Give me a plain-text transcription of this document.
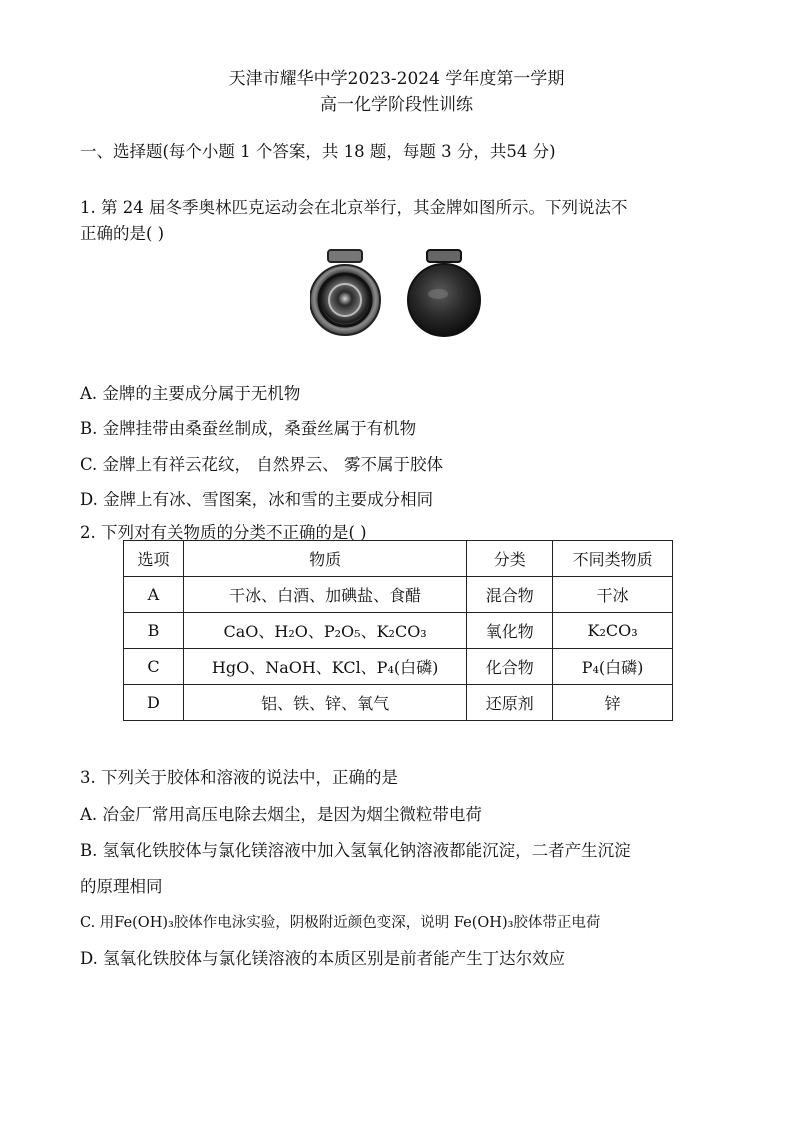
天津市耀华中学2023-2024 学年度第一学期
高一化学阶段性训练
一、选择题(每个小题 1 个答案，共 18 题，每题 3 分，共54 分)
1. 第 24 届冬季奥林匹克运动会在北京举行，其金牌如图所示。下列说法不
正确的是( )
A. 金牌的主要成分属于无机物
B. 金牌挂带由桑蚕丝制成，桑蚕丝属于有机物
C. 金牌上有祥云花纹， 自然界云、 雾不属于胶体
D. 金牌上有冰、雪图案，冰和雪的主要成分相同
2. 下列对有关物质的分类不正确的是( )
选项	物质	分类	不同类物质
A	干冰、白酒、加碘盐、食醋	混合物	干冰
B	CaO、H₂O、P₂O₅、K₂CO₃	氧化物	K₂CO₃
C	HgO、NaOH、KCl、P₄(白磷)	化合物	P₄(白磷)
D	铝、铁、锌、氧气	还原剂	锌
3. 下列关于胶体和溶液的说法中，正确的是
A. 冶金厂常用高压电除去烟尘，是因为烟尘微粒带电荷
B. 氢氧化铁胶体与氯化镁溶液中加入氢氧化钠溶液都能沉淀，二者产生沉淀
的原理相同
C. 用Fe(OH)₃胶体作电泳实验，阴极附近颜色变深，说明 Fe(OH)₃胶体带正电荷
D. 氢氧化铁胶体与氯化镁溶液的本质区别是前者能产生丁达尔效应
